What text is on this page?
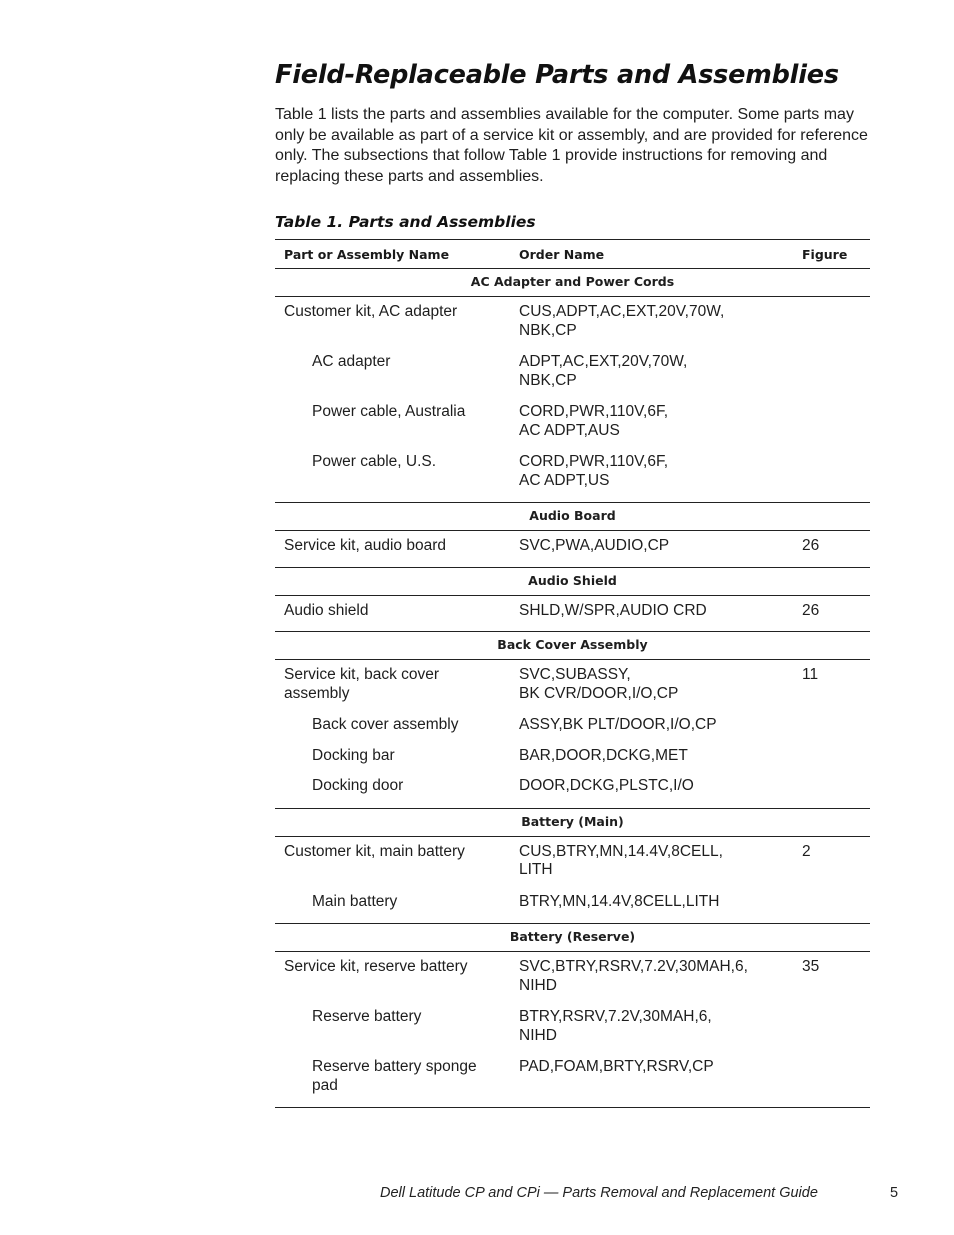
Field-Replaceable Parts and Assemblies

Table 1 lists the parts and assemblies available for the computer. Some parts may only be available as part of a service kit or assembly, and are provided for reference only. The subsections that follow Table 1 provide instructions for removing and replacing these parts and assemblies.

Table 1. Parts and Assemblies
Part or Assembly Name	Order Name	Figure
AC Adapter and Power Cords		
Customer kit, AC adapter	CUS,ADPT,AC,EXT,20V,70W,
NBK,CP	

AC adapter	ADPT,AC,EXT,20V,70W,
NBK,CP	

Power cable, Australia	CORD,PWR,110V,6F,
AC ADPT,AUS	

Power cable, U.S.	CORD,PWR,110V,6F,
AC ADPT,US	

Audio Board		
Service kit, audio board	SVC,PWA,AUDIO,CP	26
Audio Shield		
Audio shield	SHLD,W/SPR,AUDIO CRD	26
Back Cover Assembly		
Service kit, back cover assembly	SVC,SUBASSY,
BK CVR/DOOR,I/O,CP	11
Back cover assembly	ASSY,BK PLT/DOOR,I/O,CP	

Docking bar	BAR,DOOR,DCKG,MET	

Docking door	DOOR,DCKG,PLSTC,I/O	

Battery (Main)		
Customer kit, main battery	CUS,BTRY,MN,14.4V,8CELL,
LITH	2
Main battery	BTRY,MN,14.4V,8CELL,LITH	

Battery (Reserve)		
Service kit, reserve battery	SVC,BTRY,RSRV,7.2V,30MAH,6,
NIHD	35
Reserve battery	BTRY,RSRV,7.2V,30MAH,6,
NIHD	

Reserve battery sponge pad	PAD,FOAM,BRTY,RSRV,CP	

Dell Latitude CP and CPi — Parts Removal and Replacement Guide	5
